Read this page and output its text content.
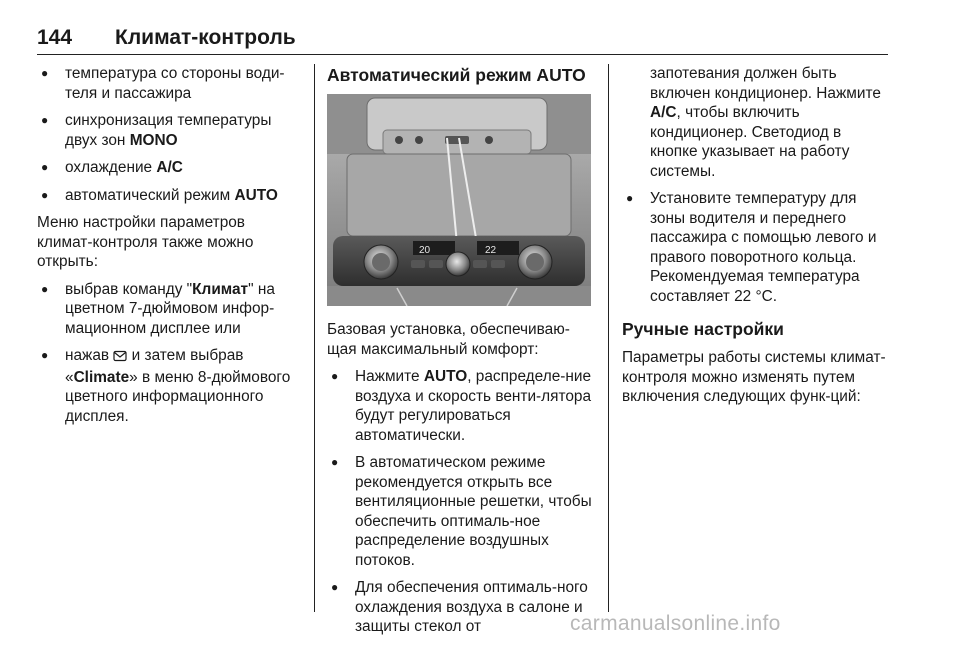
144 Климат-контроль
● температура со стороны води-теля и пассажира
● синхронизация температуры двух зон MONO
● охлаждение A/C
● автоматический режим AUTO
Меню настройки параметров климат-контроля также можно открыть:
● выбрав команду "Климат" на цветном 7-дюймовом инфор-мационном дисплее или
● нажав  и затем выбрав «Climate» в меню 8-дюймового цветного информационного дисплея.
Автоматический режим AUTO
20	22
Базовая установка, обеспечиваю-щая максимальный комфорт:
● Нажмите AUTO, распределе-ние воздуха и скорость венти-лятора будут регулироваться автоматически.
● В автоматическом режиме рекомендуется открыть все вентиляционные решетки, чтобы обеспечить оптималь-ное распределение воздушных потоков.
● Для обеспечения оптималь-ного охлаждения воздуха в салоне и защиты стекол от
запотевания должен быть включен кондиционер. Нажмите A/C, чтобы включить кондиционер. Светодиод в кнопке указывает на работу системы.
● Установите температуру для зоны водителя и переднего пассажира с помощью левого и правого поворотного кольца. Рекомендуемая температура составляет 22 °C.
Ручные настройки
Параметры работы системы климат-контроля можно изменять путем включения следующих функ-ций:
carmanualsonline.info
